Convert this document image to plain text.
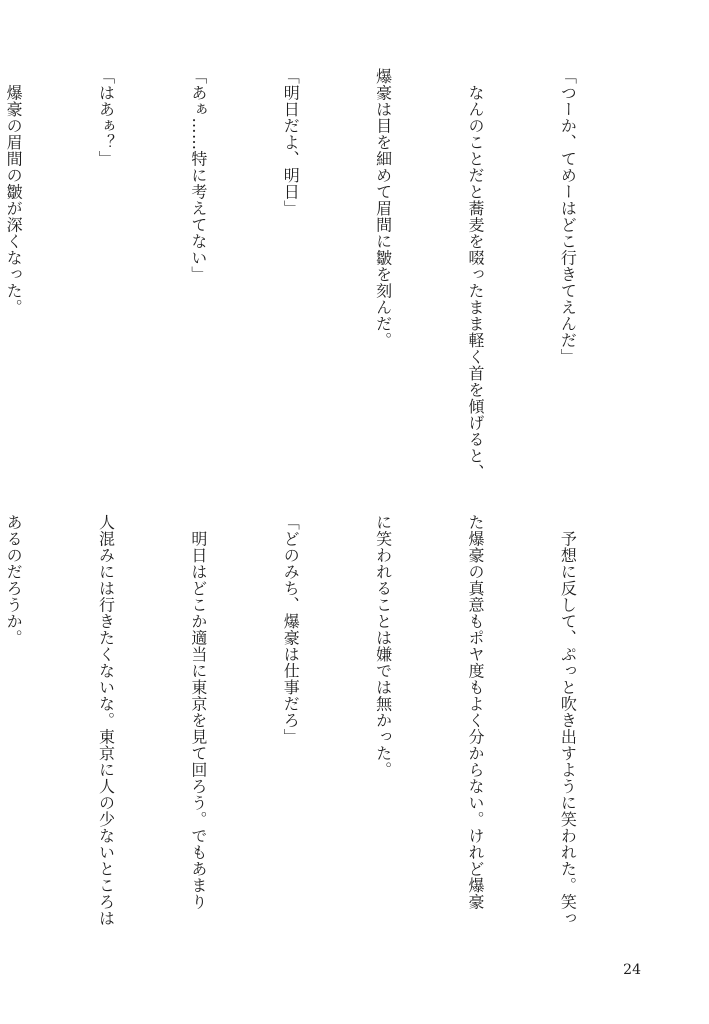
「つーか、てめーはどこ行きてえんだ」

　なんのことだと蕎麦を啜ったまま軽く首を傾げると、

爆豪は目を細めて眉間に皺を刻んだ。

「明日だよ、明日」

「あぁ……特に考えてない」

「はあぁ？」

　爆豪の眉間の皺が深くなった。

　予想に反して、ぷっと吹き出すように笑われた。笑っ

た爆豪の真意もポヤ度もよく分からない。けれど爆豪

に笑われることは嫌では無かった。

「どのみち、爆豪は仕事だろ」

　明日はどこか適当に東京を見て回ろう。でもあまり

人混みには行きたくないな。東京に人の少ないところは

あるのだろうか。

24
